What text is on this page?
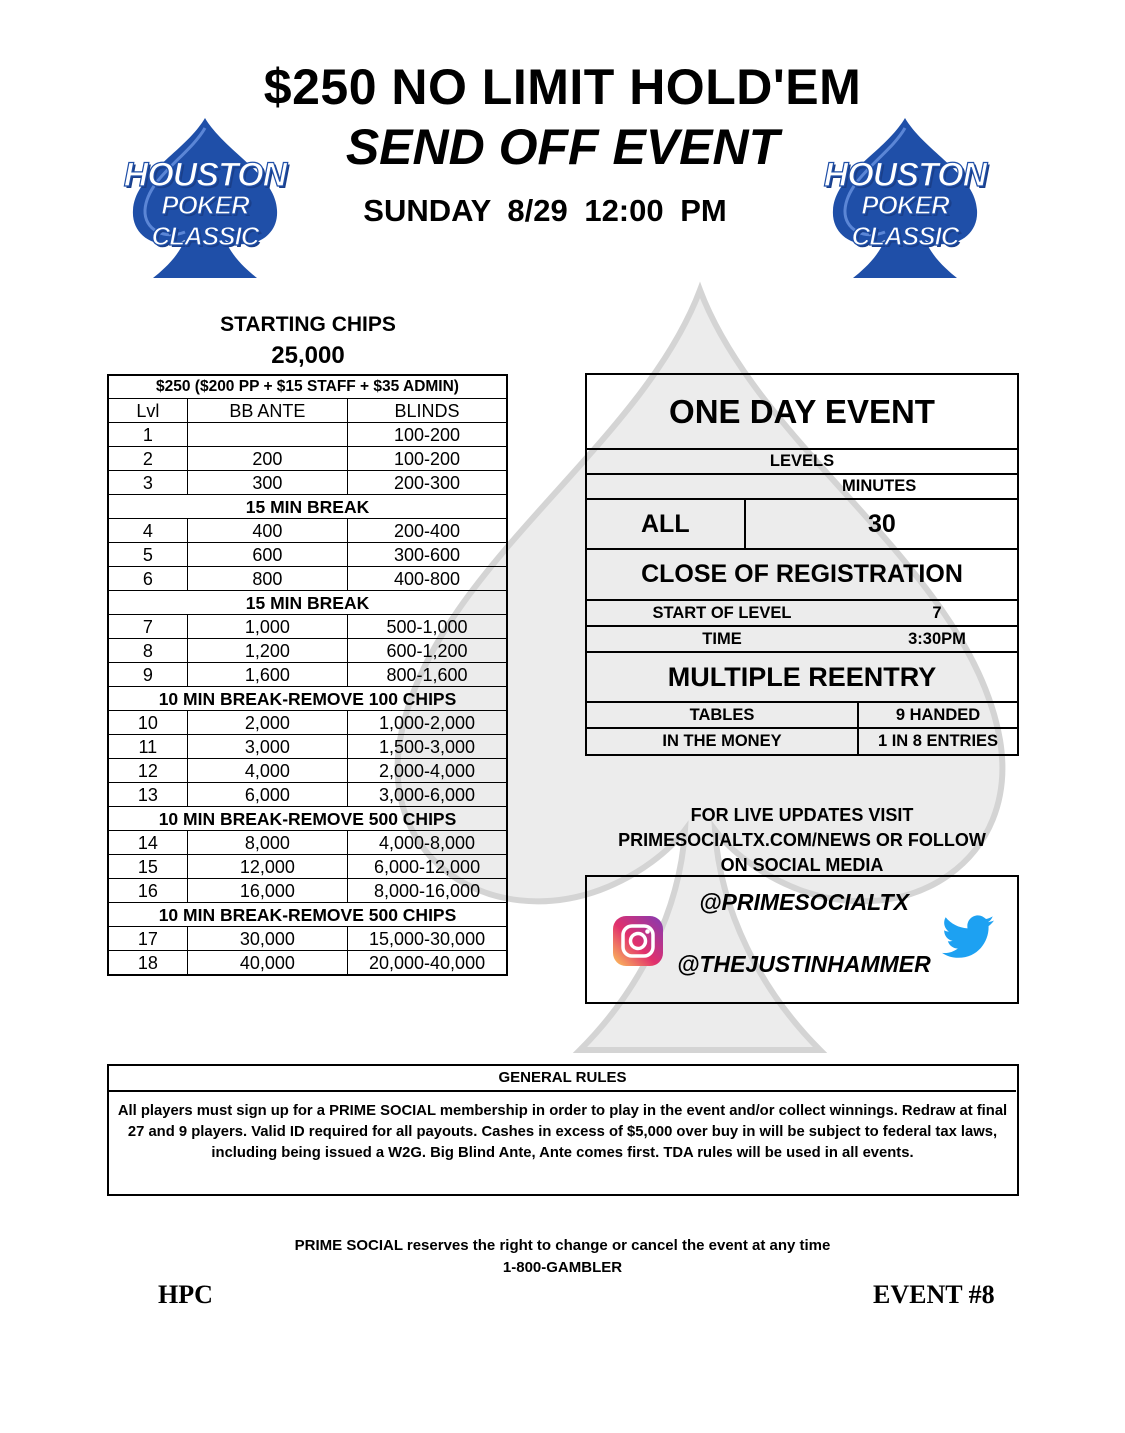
$250 NO LIMIT HOLD'EM
SEND OFF EVENT
SUNDAY 8/29 12:00 PM
HOUSTON
POKER CLASSIC
HOUSTON
POKER CLASSIC
STARTING CHIPS
25,000
$250 ($200 PP + $15 STAFF + $35 ADMIN)		
Lvl	BB ANTE	BLINDS
1		100-200
2	200	100-200
3	300	200-300
15 MIN BREAK		
4	400	200-400
5	600	300-600
6	800	400-800
15 MIN BREAK		
7	1,000	500-1,000
8	1,200	600-1,200
9	1,600	800-1,600
10 MIN BREAK-REMOVE 100 CHIPS		
10	2,000	1,000-2,000
11	3,000	1,500-3,000
12	4,000	2,000-4,000
13	6,000	3,000-6,000
10 MIN BREAK-REMOVE 500 CHIPS		
14	8,000	4,000-8,000
15	12,000	6,000-12,000
16	16,000	8,000-16,000
10 MIN BREAK-REMOVE 500 CHIPS		
17	30,000	15,000-30,000
18	40,000	20,000-40,000
ONE DAY EVENT
LEVELS
MINUTES
ALL	30
CLOSE OF REGISTRATION
START OF LEVEL	7
TIME	3:30PM
MULTIPLE REENTRY
TABLES	9 HANDED
IN THE MONEY	1 IN 8 ENTRIES
FOR LIVE UPDATES VISIT
PRIMESOCIALTX.COM/NEWS OR FOLLOW
ON SOCIAL MEDIA
@PRIMESOCIALTX
@THEJUSTINHAMMER
GENERAL RULES
All players must sign up for a PRIME SOCIAL membership in order to play in the event and/or collect winnings. Redraw at final 27 and 9 players. Valid ID required for all payouts. Cashes in excess of $5,000 over buy in will be subject to federal tax laws, including being issued a W2G. Big Blind Ante, Ante comes first. TDA rules will be used in all events.
PRIME SOCIAL reserves the right to change or cancel the event at any time
1-800-GAMBLER
HPC	EVENT #8
